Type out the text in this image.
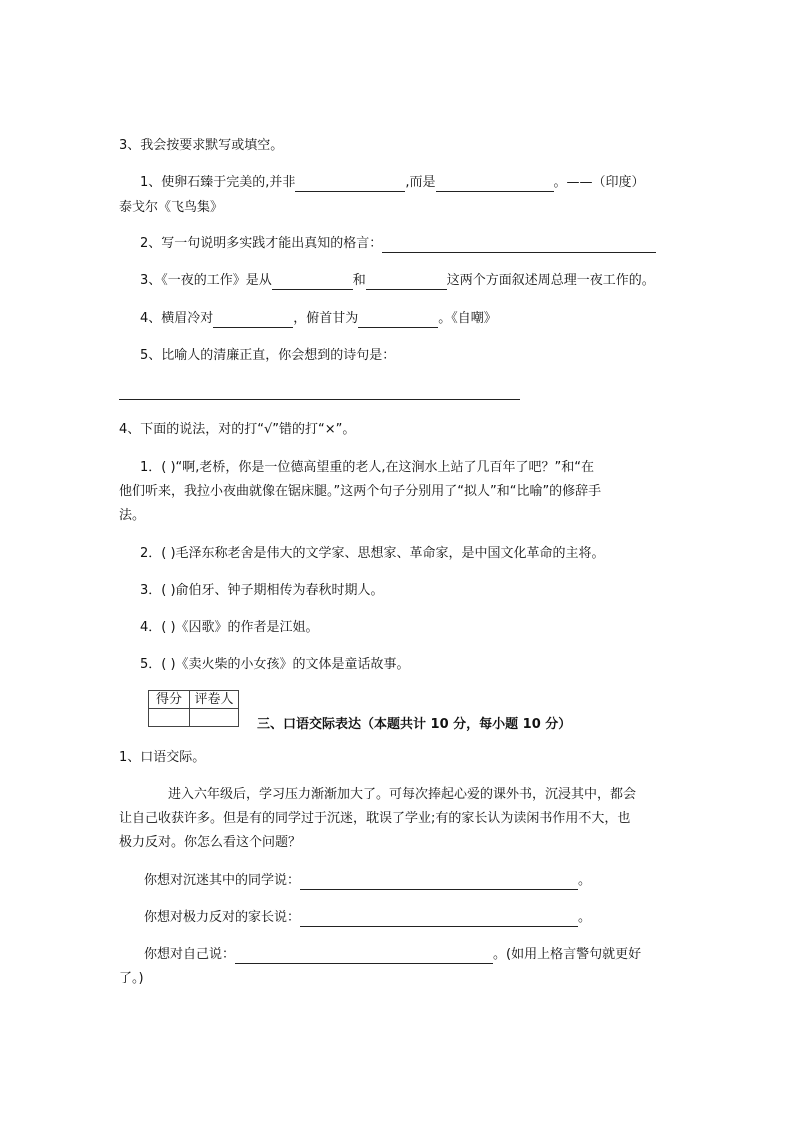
3、我会按要求默写或填空。
1、使卵石臻于完美的,并非	,而是	。——（印度）
泰戈尔《飞鸟集》
2、写一句说明多实践才能出真知的格言：
3、《一夜的工作》是从	和	这两个方面叙述周总理一夜工作的。
4、横眉冷对	，俯首甘为	。《自嘲》
5、比喻人的清廉正直，你会想到的诗句是：
4、下面的说法，对的打“√”错的打“×”。
1．( )“啊,老桥，你是一位德高望重的老人,在这涧水上站了几百年了吧？”和“在
他们听来，我拉小夜曲就像在锯床腿。”这两个句子分别用了“拟人”和“比喻”的修辞手
法。
2．( )毛泽东称老舍是伟大的文学家、思想家、革命家，是中国文化革命的主将。
3．( )俞伯牙、钟子期相传为春秋时期人。
4．( )《囚歌》的作者是江姐。
5．( )《卖火柴的小女孩》的文体是童话故事。
得分	评卷人

三、口语交际表达（本题共计 10 分，每小题 10 分）
1、口语交际。
进入六年级后，学习压力渐渐加大了。可每次捧起心爱的课外书，沉浸其中，都会
让自己收获许多。但是有的同学过于沉迷，耽误了学业;有的家长认为读闲书作用不大，也
极力反对。你怎么看这个问题？
你想对沉迷其中的同学说：	。
你想对极力反对的家长说：	。
你想对自己说：	。(如用上格言警句就更好
了。)
